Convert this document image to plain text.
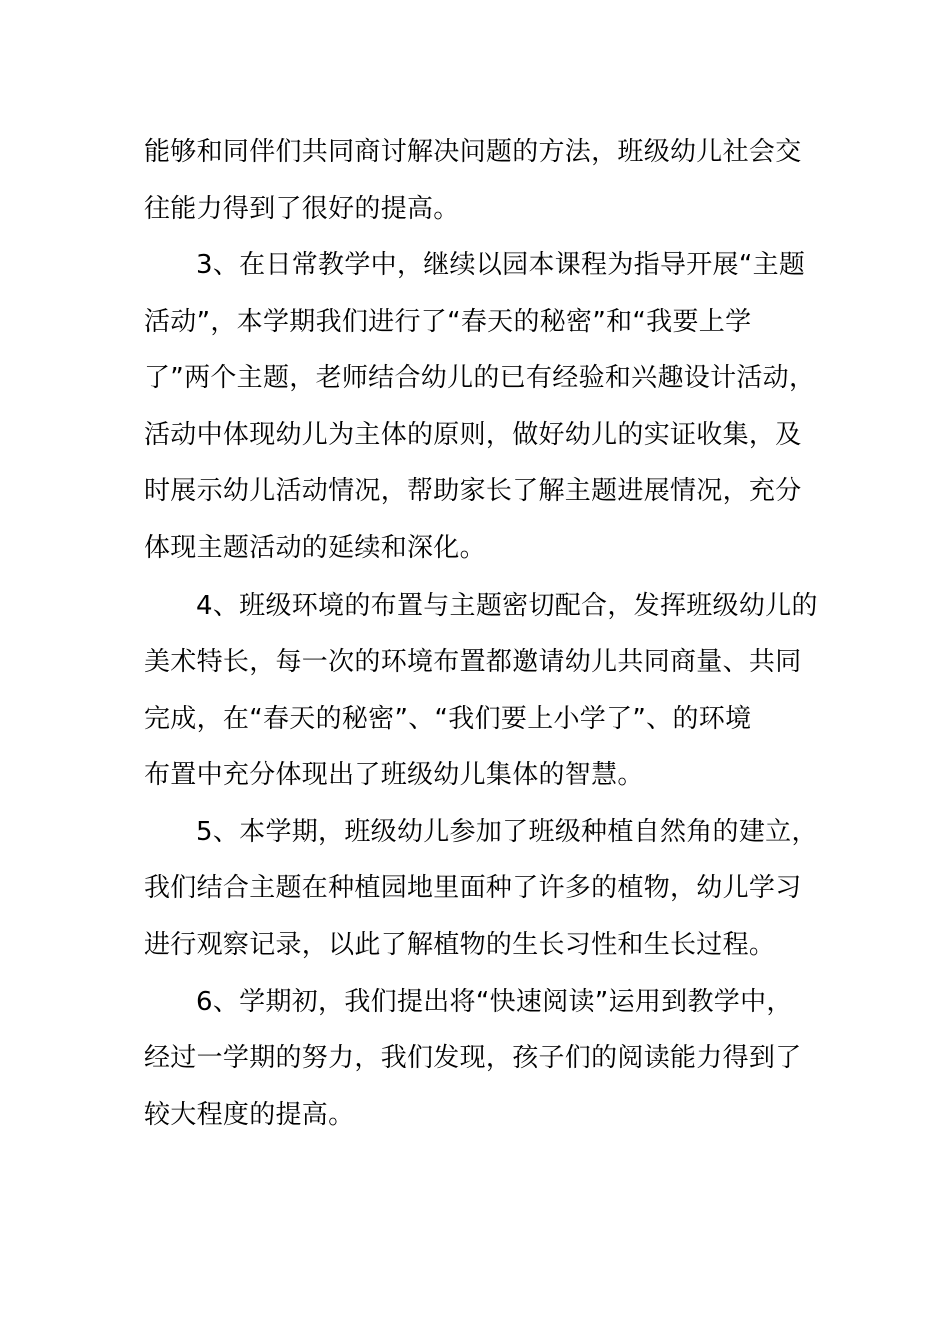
能够和同伴们共同商讨解决问题的方法，班级幼儿社会交
往能力得到了很好的提高。
3、在日常教学中，继续以园本课程为指导开展“主题
活动”，本学期我们进行了“春天的秘密”和“我要上学
了”两个主题，老师结合幼儿的已有经验和兴趣设计活动，
活动中体现幼儿为主体的原则，做好幼儿的实证收集，及
时展示幼儿活动情况，帮助家长了解主题进展情况，充分
体现主题活动的延续和深化。
4、班级环境的布置与主题密切配合，发挥班级幼儿的
美术特长，每一次的环境布置都邀请幼儿共同商量、共同
完成，在“春天的秘密”、“我们要上小学了”、的环境
布置中充分体现出了班级幼儿集体的智慧。
5、本学期，班级幼儿参加了班级种植自然角的建立，
我们结合主题在种植园地里面种了许多的植物，幼儿学习
进行观察记录，以此了解植物的生长习性和生长过程。
6、学期初，我们提出将“快速阅读”运用到教学中，
经过一学期的努力，我们发现，孩子们的阅读能力得到了
较大程度的提高。
